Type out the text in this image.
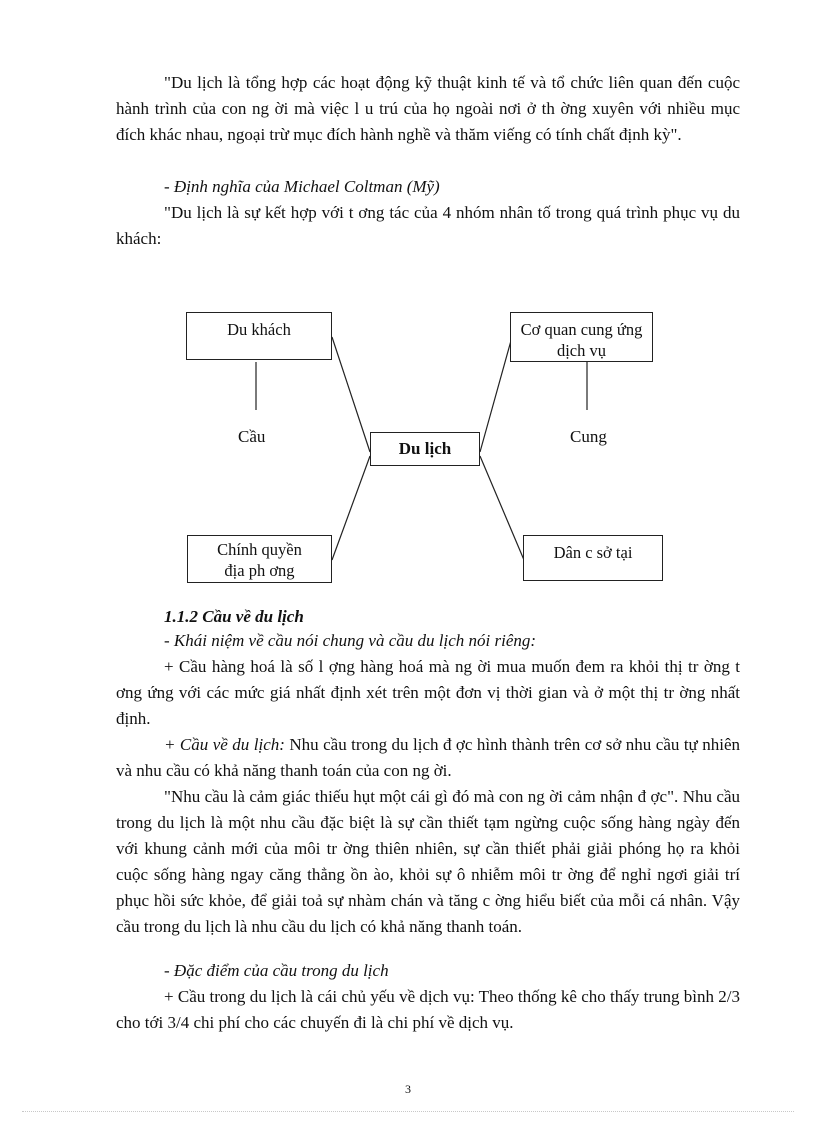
"Du lịch là tổng hợp các hoạt động kỹ thuật kinh tế và tổ chức liên quan đến cuộc hành trình của con ng ời mà việc l u trú của họ ngoài nơi ở th ờng xuyên với nhiều mục đích khác nhau, ngoại trừ mục đích hành nghề và thăm viếng có tính chất định kỳ".

- Định nghĩa của Michael Coltman (Mỹ)

"Du lịch là sự kết hợp với t ơng tác của 4 nhóm nhân tố trong quá trình phục vụ du khách:

Du khách	Cơ quan cung ứng
dịch vụ
Cầu	Cung
Du lịch
Chính quyền
địa ph ơng
Dân c sở tại

1.1.2 Cầu về du lịch

- Khái niệm về cầu nói chung và cầu du lịch nói riêng:

+ Cầu hàng hoá là số l ợng hàng hoá mà ng ời mua muốn đem ra khỏi thị tr ờng t ơng ứng với các mức giá nhất định xét trên một đơn vị thời gian và ở một thị tr ờng nhất định.

+ Cầu về du lịch: Nhu cầu trong du lịch đ ợc hình thành trên cơ sở nhu cầu tự nhiên và nhu cầu có khả năng thanh toán của con ng ời.

"Nhu cầu là cảm giác thiếu hụt một cái gì đó mà con ng ời cảm nhận đ ợc". Nhu cầu trong du lịch là một nhu cầu đặc biệt là sự cần thiết tạm ngừng cuộc sống hàng ngày đến với khung cảnh mới của môi tr ờng thiên nhiên, sự cần thiết phải giải phóng họ ra khỏi cuộc sống hàng ngay căng thẳng ồn ào, khỏi sự ô nhiễm môi tr ờng để nghỉ ngơi giải trí phục hồi sức khỏe, để giải toả sự nhàm chán và tăng c ờng hiểu biết của mỗi cá nhân. Vậy cầu trong du lịch là nhu cầu du lịch có khả năng thanh toán.

- Đặc điểm của cầu trong du lịch

+ Cầu trong du lịch là cái chủ yếu về dịch vụ: Theo thống kê cho thấy trung bình 2/3 cho tới 3/4 chi phí cho các chuyến đi là chi phí về dịch vụ.

3
